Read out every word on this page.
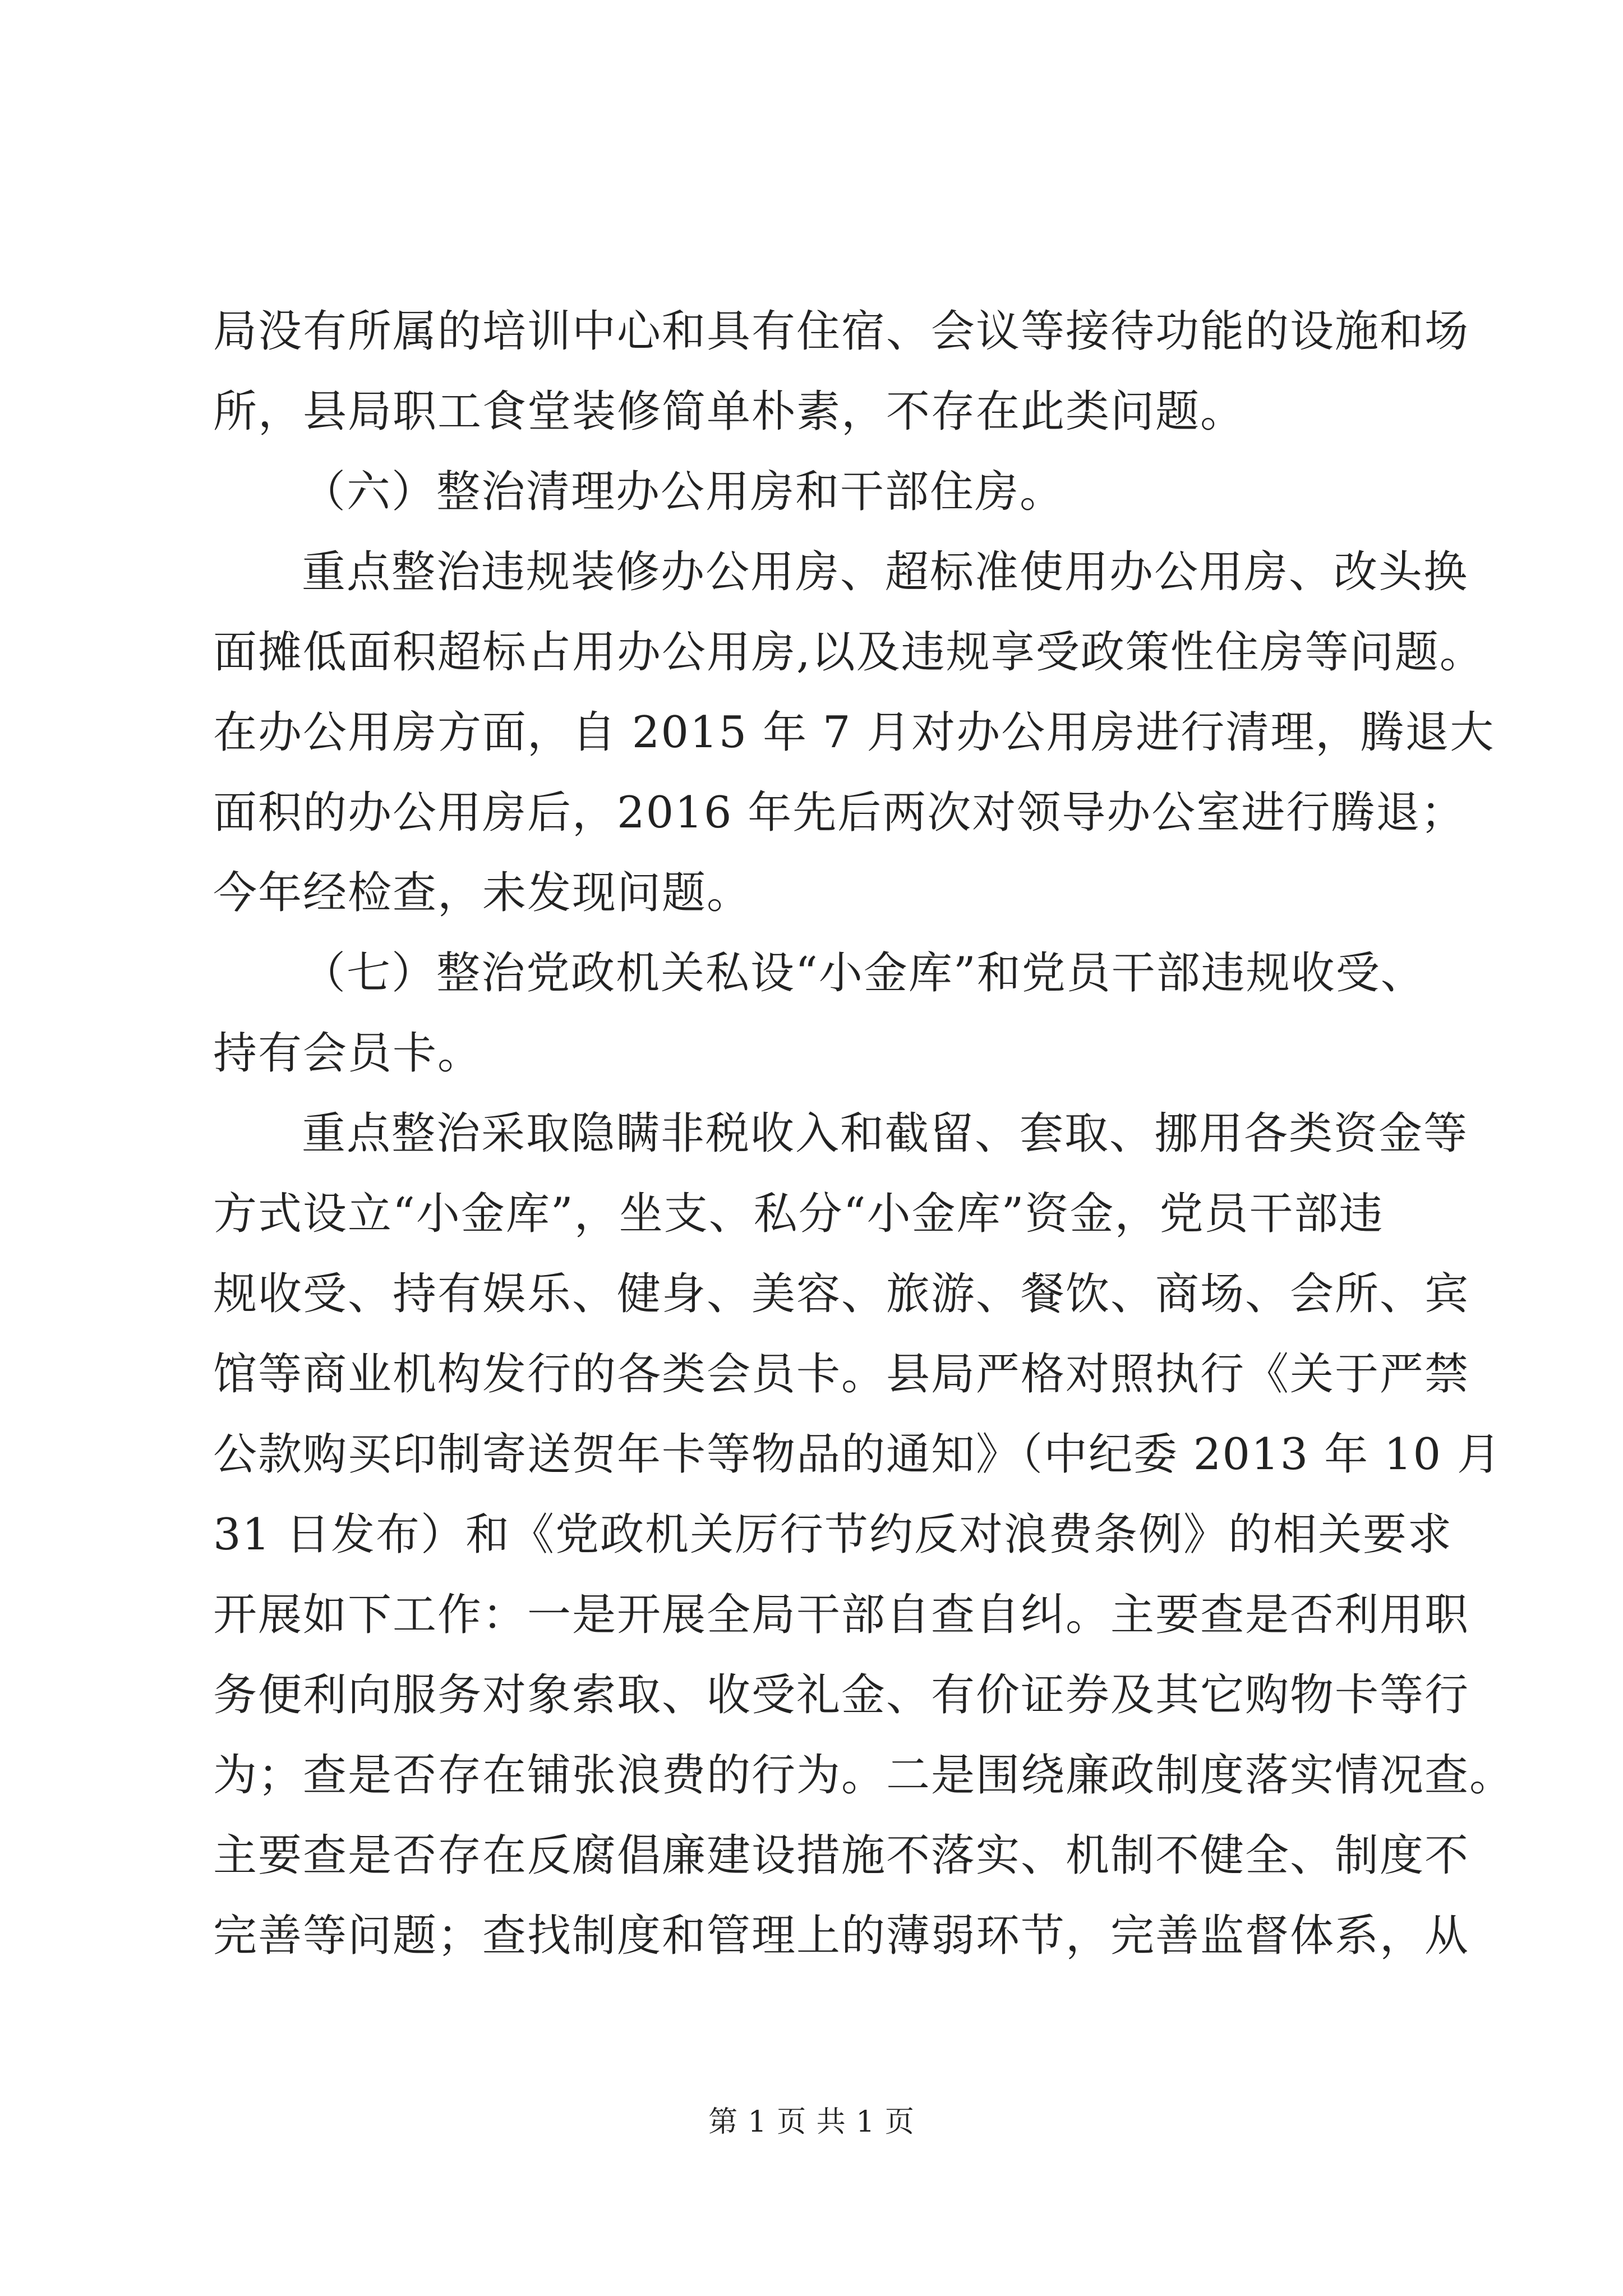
局没有所属的培训中心和具有住宿、会议等接待功能的设施和场
所，县局职工食堂装修简单朴素，不存在此类问题。
（六）整治清理办公用房和干部住房。
重点整治违规装修办公用房、超标准使用办公用房、改头换
面摊低面积超标占用办公用房,以及违规享受政策性住房等问题。
在办公用房方面，自 2015 年 7 月对办公用房进行清理，腾退大
面积的办公用房后，2016 年先后两次对领导办公室进行腾退；
今年经检查，未发现问题。
（七）整治党政机关私设“小金库”和党员干部违规收受、
持有会员卡。
重点整治采取隐瞒非税收入和截留、套取、挪用各类资金等
方式设立“小金库”，坐支、私分“小金库”资金，党员干部违
规收受、持有娱乐、健身、美容、旅游、餐饮、商场、会所、宾
馆等商业机构发行的各类会员卡。县局严格对照执行《关于严禁
公款购买印制寄送贺年卡等物品的通知》（中纪委 2013 年 10 月
31 日发布）和《党政机关厉行节约反对浪费条例》的相关要求
开展如下工作：一是开展全局干部自查自纠。主要查是否利用职
务便利向服务对象索取、收受礼金、有价证券及其它购物卡等行
为；查是否存在铺张浪费的行为。二是围绕廉政制度落实情况查。
主要查是否存在反腐倡廉建设措施不落实、机制不健全、制度不
完善等问题；查找制度和管理上的薄弱环节，完善监督体系，从
第 1 页 共 1 页
